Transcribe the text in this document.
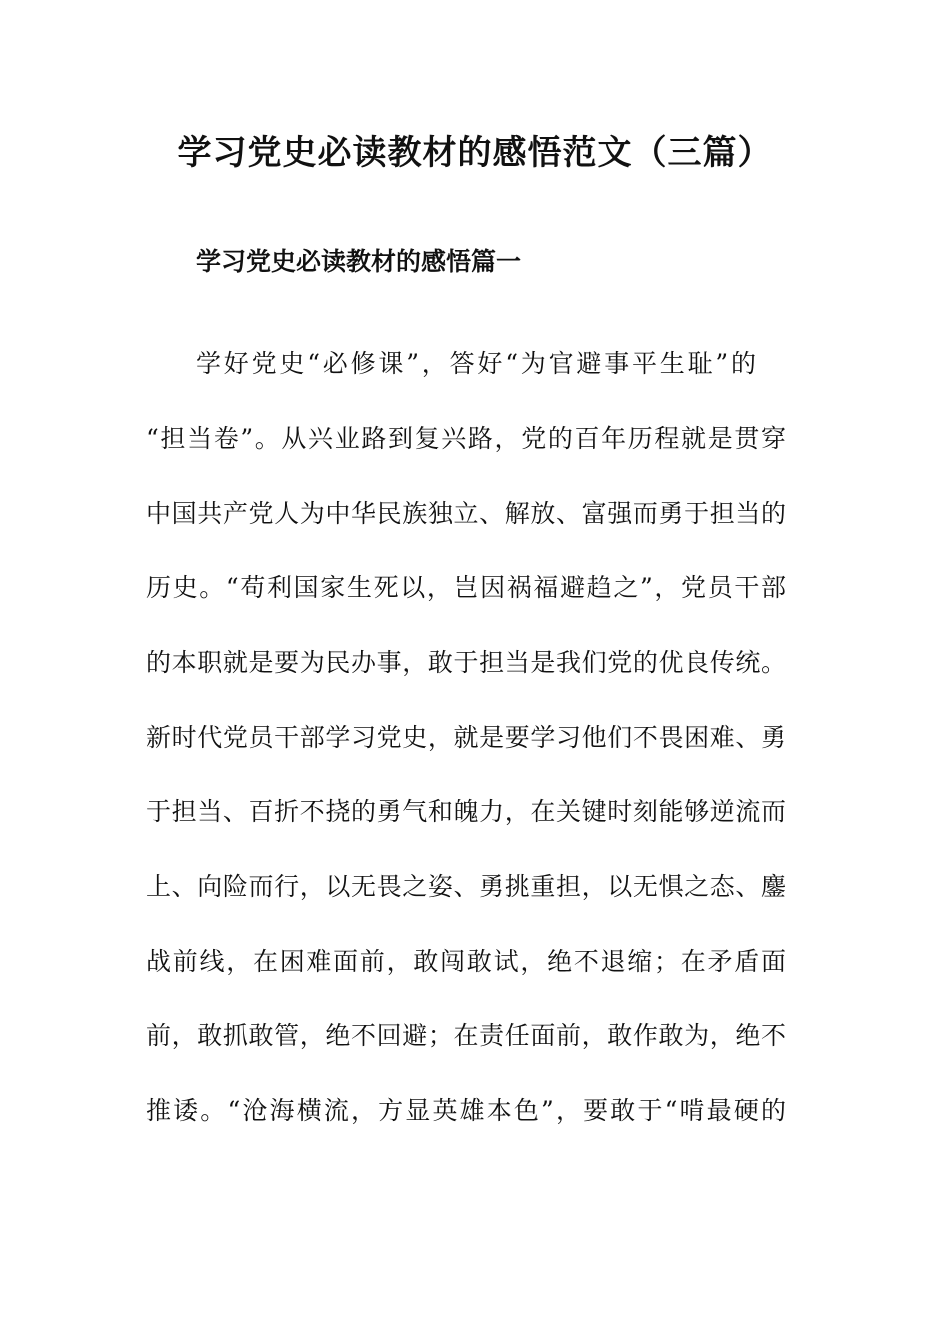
学习党史必读教材的感悟范文（三篇）
学习党史必读教材的感悟篇一
学好党史“必修课”，答好“为官避事平生耻”的
“担当卷”。从兴业路到复兴路，党的百年历程就是贯穿
中国共产党人为中华民族独立、解放、富强而勇于担当的
历史。“苟利国家生死以，岂因祸福避趋之”，党员干部
的本职就是要为民办事，敢于担当是我们党的优良传统。
新时代党员干部学习党史，就是要学习他们不畏困难、勇
于担当、百折不挠的勇气和魄力，在关键时刻能够逆流而
上、向险而行，以无畏之姿、勇挑重担，以无惧之态、鏖
战前线，在困难面前，敢闯敢试，绝不退缩；在矛盾面
前，敢抓敢管，绝不回避；在责任面前，敢作敢为，绝不
推诿。“沧海横流，方显英雄本色”，要敢于“啃最硬的
